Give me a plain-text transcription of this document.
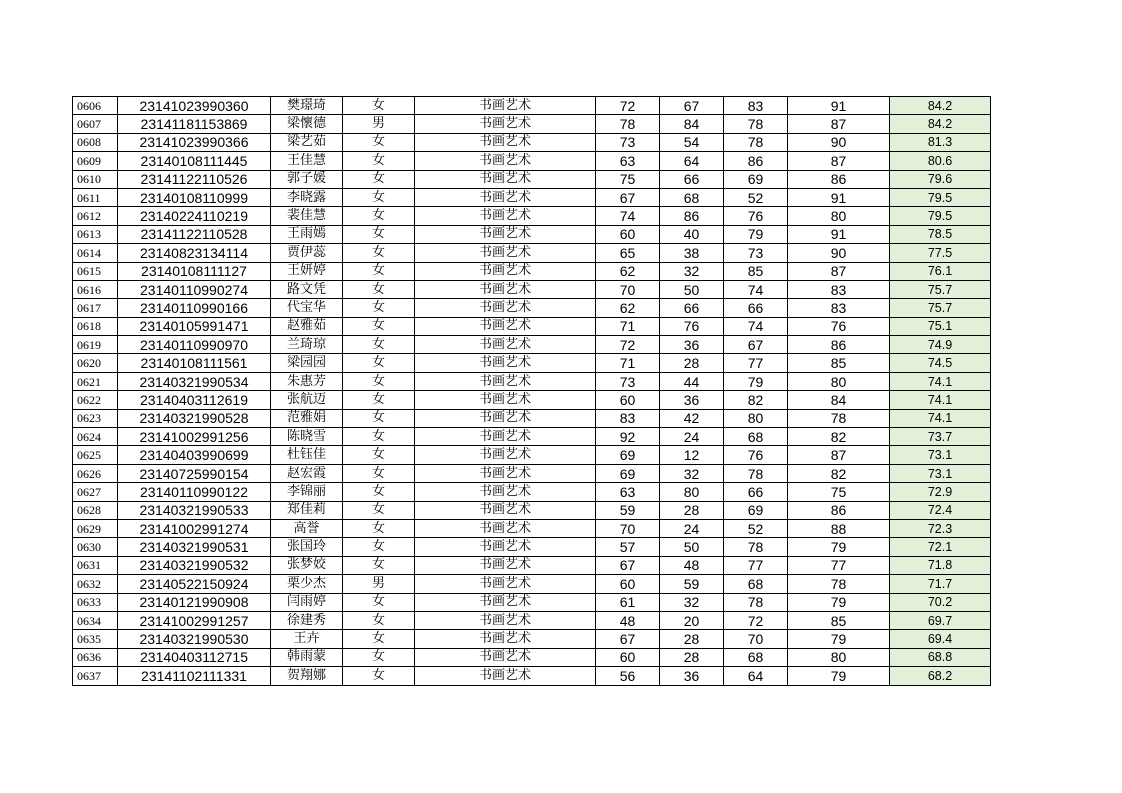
0606	23141023990360	樊璟琦	女	书画艺术	72	67	83	91	84.2
0607	23141181153869	梁懷德	男	书画艺术	78	84	78	87	84.2
0608	23141023990366	梁艺茹	女	书画艺术	73	54	78	90	81.3
0609	23140108111445	王佳慧	女	书画艺术	63	64	86	87	80.6
0610	23141122110526	郭子媛	女	书画艺术	75	66	69	86	79.6
0611	23140108110999	李晓露	女	书画艺术	67	68	52	91	79.5
0612	23140224110219	裴佳慧	女	书画艺术	74	86	76	80	79.5
0613	23141122110528	王雨嫣	女	书画艺术	60	40	79	91	78.5
0614	23140823134114	贾伊蕊	女	书画艺术	65	38	73	90	77.5
0615	23140108111127	王妍婷	女	书画艺术	62	32	85	87	76.1
0616	23140110990274	路文凭	女	书画艺术	70	50	74	83	75.7
0617	23140110990166	代宝华	女	书画艺术	62	66	66	83	75.7
0618	23140105991471	赵雅茹	女	书画艺术	71	76	74	76	75.1
0619	23140110990970	兰琦琼	女	书画艺术	72	36	67	86	74.9
0620	23140108111561	梁园园	女	书画艺术	71	28	77	85	74.5
0621	23140321990534	朱惠芳	女	书画艺术	73	44	79	80	74.1
0622	23140403112619	张航迈	女	书画艺术	60	36	82	84	74.1
0623	23140321990528	范雅娟	女	书画艺术	83	42	80	78	74.1
0624	23141002991256	陈晓雪	女	书画艺术	92	24	68	82	73.7
0625	23140403990699	杜钰佳	女	书画艺术	69	12	76	87	73.1
0626	23140725990154	赵宏霞	女	书画艺术	69	32	78	82	73.1
0627	23140110990122	李锦丽	女	书画艺术	63	80	66	75	72.9
0628	23140321990533	郑佳莉	女	书画艺术	59	28	69	86	72.4
0629	23141002991274	高誉	女	书画艺术	70	24	52	88	72.3
0630	23140321990531	张国玲	女	书画艺术	57	50	78	79	72.1
0631	23140321990532	张梦姣	女	书画艺术	67	48	77	77	71.8
0632	23140522150924	栗少杰	男	书画艺术	60	59	68	78	71.7
0633	23140121990908	闫雨婷	女	书画艺术	61	32	78	79	70.2
0634	23141002991257	徐建秀	女	书画艺术	48	20	72	85	69.7
0635	23140321990530	王卉	女	书画艺术	67	28	70	79	69.4
0636	23140403112715	韩雨蒙	女	书画艺术	60	28	68	80	68.8
0637	23141102111331	贺翔娜	女	书画艺术	56	36	64	79	68.2
